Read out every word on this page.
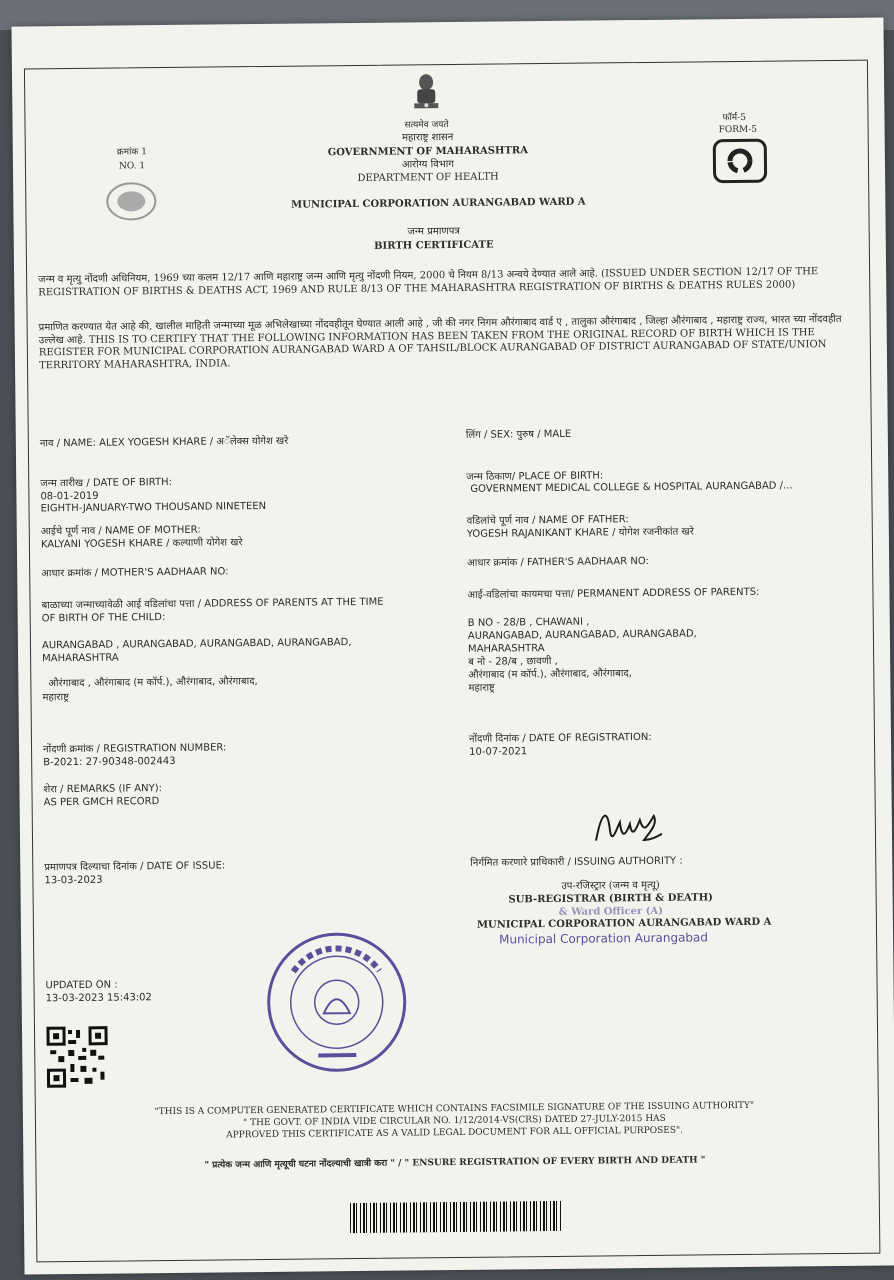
सत्यमेव जयते
क्रमांक 1
NO. 1
महाराष्ट्र शासन
GOVERNMENT OF MAHARASHTRA
आरोग्य विभाग
DEPARTMENT OF HEALTH
फॉर्म-5
FORM-5
MUNICIPAL CORPORATION AURANGABAD WARD A
जन्म प्रमाणपत्र
BIRTH CERTIFICATE
जन्म व मृत्यु नोंदणी अधिनियम, 1969 च्या कलम 12/17 आणि महाराष्ट्र जन्म आणि मृत्यु नोंदणी नियम, 2000 चे नियम 8/13 अन्वये देण्यात आले आहे. (ISSUED UNDER SECTION 12/17 OF THE REGISTRATION OF BIRTHS & DEATHS ACT, 1969 AND RULE 8/13 OF THE MAHARASHTRA REGISTRATION OF BIRTHS & DEATHS RULES 2000)
प्रमाणित करण्यात येत आहे की, खालील माहिती जन्माच्या मूळ अभिलेखाच्या नोंदवहीतून घेण्यात आली आहे , जी की नगर निगम औरंगाबाद वार्ड ए , तालुका औरंगाबाद , जिल्हा औरंगाबाद , महाराष्ट्र राज्य, भारत च्या नोंदवहीत उल्लेख आहे. THIS IS TO CERTIFY THAT THE FOLLOWING INFORMATION HAS BEEN TAKEN FROM THE ORIGINAL RECORD OF BIRTH WHICH IS THE REGISTER FOR MUNICIPAL CORPORATION AURANGABAD WARD A OF TAHSIL/BLOCK AURANGABAD OF DISTRICT AURANGABAD OF STATE/UNION TERRITORY MAHARASHTRA, INDIA.
नाव / NAME: ALEX YOGESH KHARE / अॅलेक्स योगेश खरे
लिंग / SEX: पुरुष / MALE
जन्म तारीख / DATE OF BIRTH:
08-01-2019
EIGHTH-JANUARY-TWO THOUSAND NINETEEN
जन्म ठिकाण/ PLACE OF BIRTH:
GOVERNMENT MEDICAL COLLEGE & HOSPITAL AURANGABAD /...
आईचे पूर्ण नाव / NAME OF MOTHER:
KALYANI YOGESH KHARE / कल्याणी योगेश खरे
वडिलांचे पूर्ण नाव / NAME OF FATHER:
YOGESH RAJANIKANT KHARE / योगेश रजनीकांत खरे
आधार क्रमांक / MOTHER'S AADHAAR NO:
आधार क्रमांक / FATHER'S AADHAAR NO:
बाळाच्या जन्माच्यावेळी आई वडिलांचा पत्ता / ADDRESS OF PARENTS AT THE TIME
OF BIRTH OF THE CHILD:
AURANGABAD , AURANGABAD, AURANGABAD, AURANGABAD,
MAHARASHTRA
औरंगाबाद , औरंगाबाद (म कॉर्प.), औरंगाबाद, औरंगाबाद,
महाराष्ट्र
आई-वडिलांचा कायमचा पत्ता/ PERMANENT ADDRESS OF PARENTS:
B NO - 28/B , CHAWANI ,
AURANGABAD, AURANGABAD, AURANGABAD,
MAHARASHTRA
ब नो - 28/ब , छावणी ,
औरंगाबाद (म कॉर्प.), औरंगाबाद, औरंगाबाद,
महाराष्ट्र
नोंदणी क्रमांक / REGISTRATION NUMBER:
B-2021: 27-90348-002443
नोंदणी दिनांक / DATE OF REGISTRATION:
10-07-2021
शेरा / REMARKS (IF ANY):
AS PER GMCH RECORD
प्रमाणपत्र दिल्याचा दिनांक / DATE OF ISSUE:
13-03-2023
निर्गमित करणारे प्राधिकारी / ISSUING AUTHORITY :
उप-रजिस्ट्रार (जन्म व मृत्यू)
SUB-REGISTRAR (BIRTH & DEATH)
& Ward Officer (A)
MUNICIPAL CORPORATION AURANGABAD WARD A
Municipal Corporation Aurangabad
UPDATED ON :
13-03-2023 15:43:02
"THIS IS A COMPUTER GENERATED CERTIFICATE WHICH CONTAINS FACSIMILE SIGNATURE OF THE ISSUING AUTHORITY"
" THE GOVT. OF INDIA VIDE CIRCULAR NO. 1/12/2014-VS(CRS) DATED 27-JULY-2015 HAS
APPROVED THIS CERTIFICATE AS A VALID LEGAL DOCUMENT FOR ALL OFFICIAL PURPOSES".
" प्रत्येक जन्म आणि मृत्यूची घटना नोंदल्याची खात्री करा " / " ENSURE REGISTRATION OF EVERY BIRTH AND DEATH "
